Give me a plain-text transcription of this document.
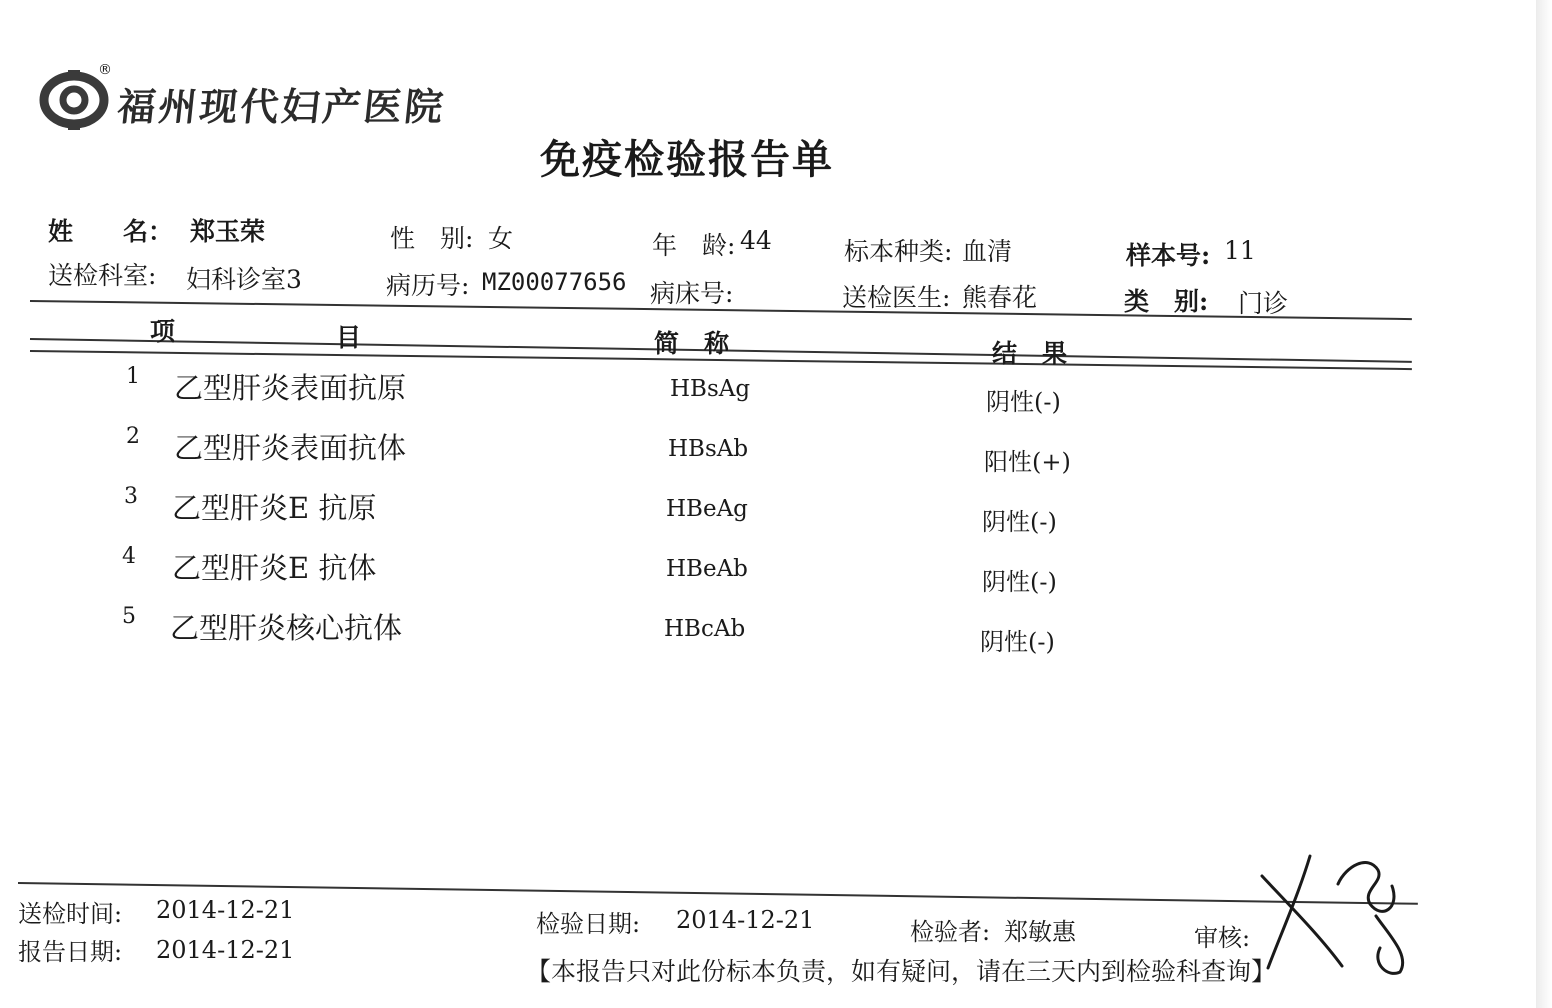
®
福州现代妇产医院
免疫检验报告单
姓　　名： 郑玉荣	性　别: 女	年　龄: 44	标本种类: 血清	样本号: 11
送检科室: 妇科诊室3	病历号: MZ00077656 病床号:	送检医生: 熊春花	类　别: 门诊
项	目	简　称	结　果
1 乙型肝炎表面抗原	HBsAg	阴性(-)
2 乙型肝炎表面抗体	HBsAb	阳性(+)
3 乙型肝炎E 抗原	HBeAg	阴性(-)
4 乙型肝炎E 抗体	HBeAb	阴性(-)
5 乙型肝炎核心抗体	HBcAb	阴性(-)
送检时间: 2014-12-21
报告日期: 2014-12-21
检验日期: 2014-12-21	检验者: 郑敏惠	审核:
【本报告只对此份标本负责，如有疑问，请在三天内到检验科查询】
